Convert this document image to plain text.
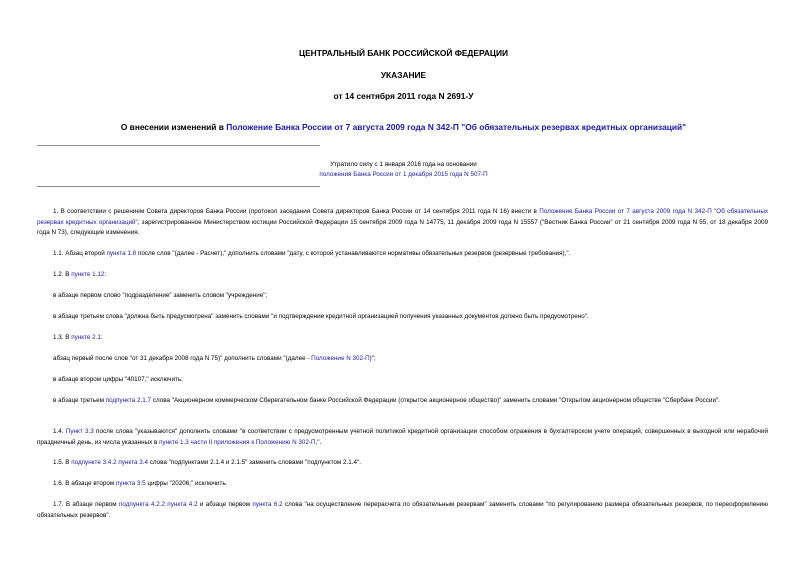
ЦЕНТРАЛЬНЫЙ БАНК РОССИЙСКОЙ ФЕДЕРАЦИИ
УКАЗАНИЕ
от 14 сентября 2011 года N 2691-У
О внесении изменений в Положение Банка России от 7 августа 2009 года N 342-П "Об обязательных резервах кредитных организаций"
Утратило силу с 1 января 2016 года на основании
положения Банка России от 1 декабря 2015 года N 507-П
1. В соответствии с решением Совета директоров Банка России (протокол заседания Совета директоров Банка России от 14 сентября 2011 года N 16) внести в Положение Банка России от 7 августа 2009 года N 342-П "Об обязательных резервах кредитных организаций", зарегистрированное Министерством юстиции Российской Федерации 15 сентября 2009 года N 14775, 11 декабря 2009 года N 15557 ("Вестник Банка России" от 21 сентября 2009 года N 55, от 18 декабря 2009 года N 73), следующие изменения.
1.1. Абзац второй пункта 1.8 после слов "(далее - Расчет)," дополнить словами "дату, с которой устанавливаются нормативы обязательных резервов (резервные требования),".
1.2. В пункте 1.12:
в абзаце первом слово "подразделение" заменить словом "учреждение";
в абзаце третьем слова "должна быть предусмотрена" заменить словами "и подтверждение кредитной организацией получения указанных документов должно быть предусмотрено".
1.3. В пункте 2.1:
абзац первый после слов "от 31 декабря 2008 года N 75)" дополнить словами "(далее - Положение N 302-П)";
в абзаце втором цифры "40107," исключить;
в абзаце третьем подпункта 2.1.7 слова "Акционерном коммерческом Сберегательном банке Российской Федерации (открытое акционерное общество)" заменить словами "Открытом акционерном обществе "Сбербанк России".
1.4. Пункт 3.3 после слова "указываются" дополнить словами "в соответствии с предусмотренным учетной политикой кредитной организации способом отражения в бухгалтерском учете операций, совершенных в выходной или нерабочий праздничный день, из числа указанных в пункте 1.3 части II приложения к Положению N 302-П,".
1.5. В подпункте 3.4.2 пункта 3.4 слова "подпунктами 2.1.4 и 2.1.5" заменить словами "подпунктом 2.1.4".
1.6. В абзаце втором пункта 3.5 цифры "20206," исключить.
1.7. В абзаце первом подпункта 4.2.2 пункта 4.2 и абзаце первом пункта 6.2 слова "на осуществление перерасчета по обязательным резервам" заменить словами "по регулированию размера обязательных резервов, по переоформлению обязательных резервов".
